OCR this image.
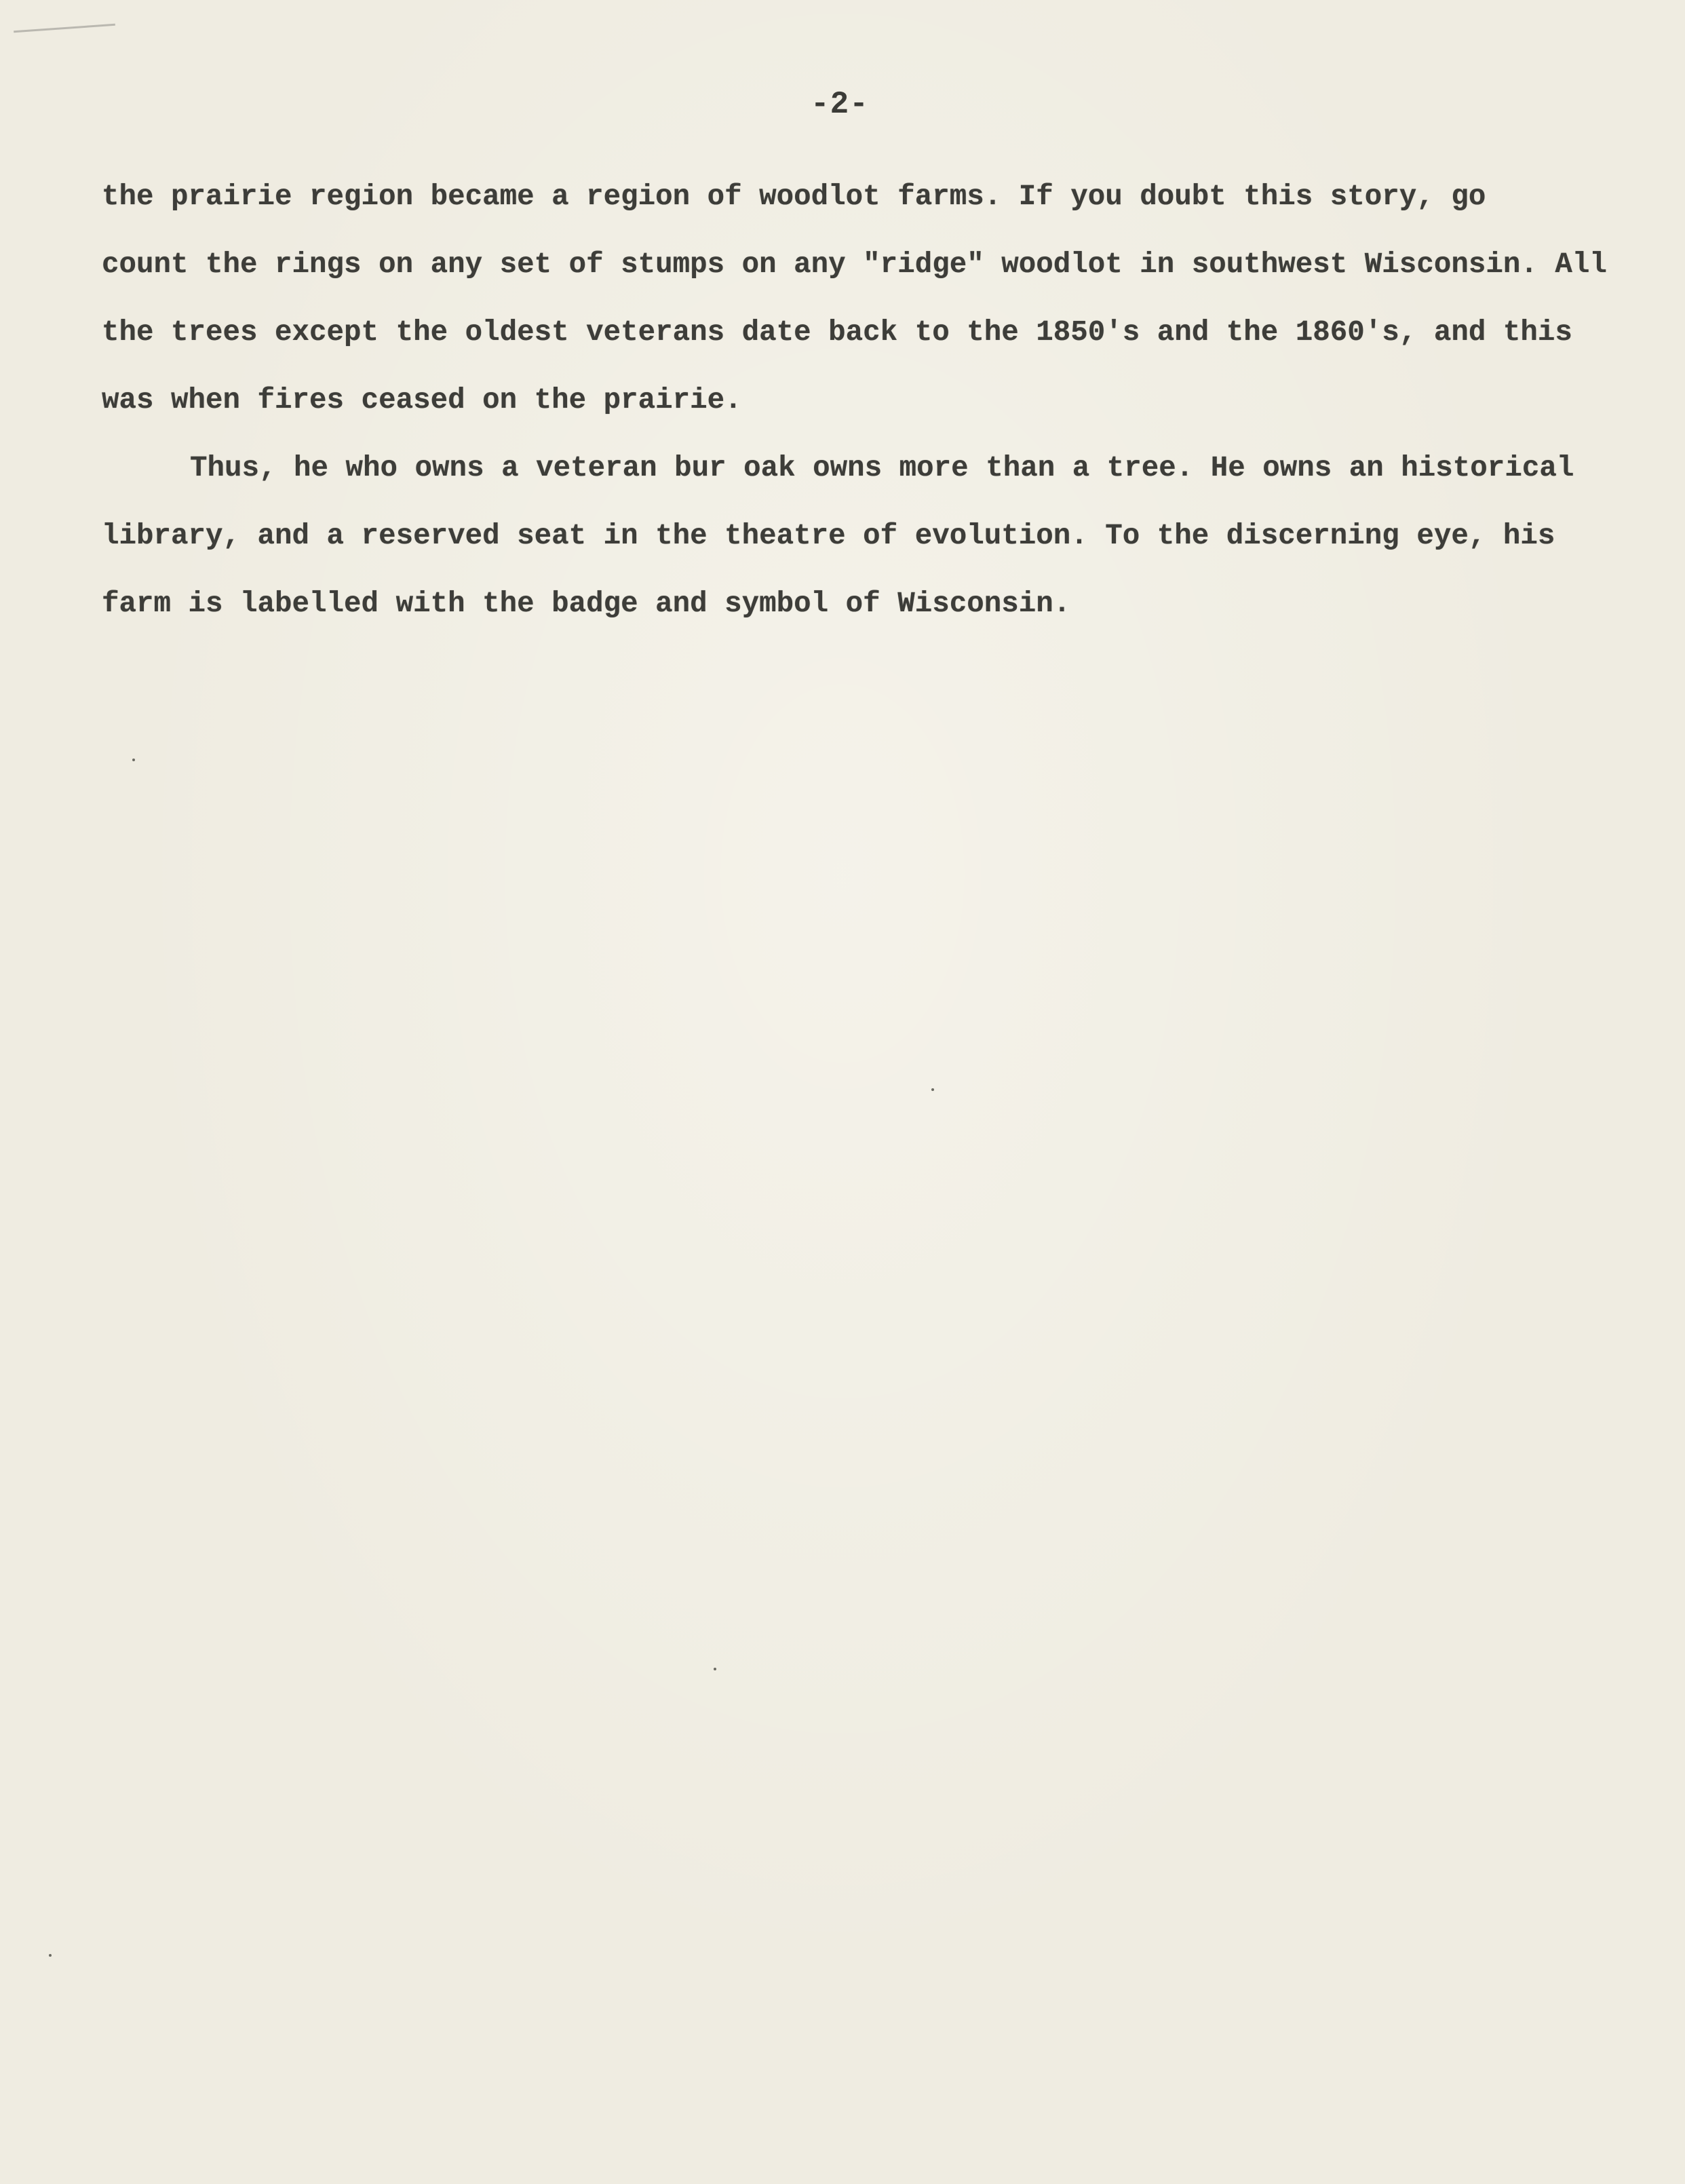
-2-
the prairie region became a region of woodlot farms. If you doubt this story, go
count the rings on any set of stumps on any "ridge" woodlot in southwest Wisconsin. All
the trees except the oldest veterans date back to the 1850's and the 1860's, and this
was when fires ceased on the prairie.
Thus, he who owns a veteran bur oak owns more than a tree. He owns an historical
library, and a reserved seat in the theatre of evolution. To the discerning eye, his
farm is labelled with the badge and symbol of Wisconsin.
